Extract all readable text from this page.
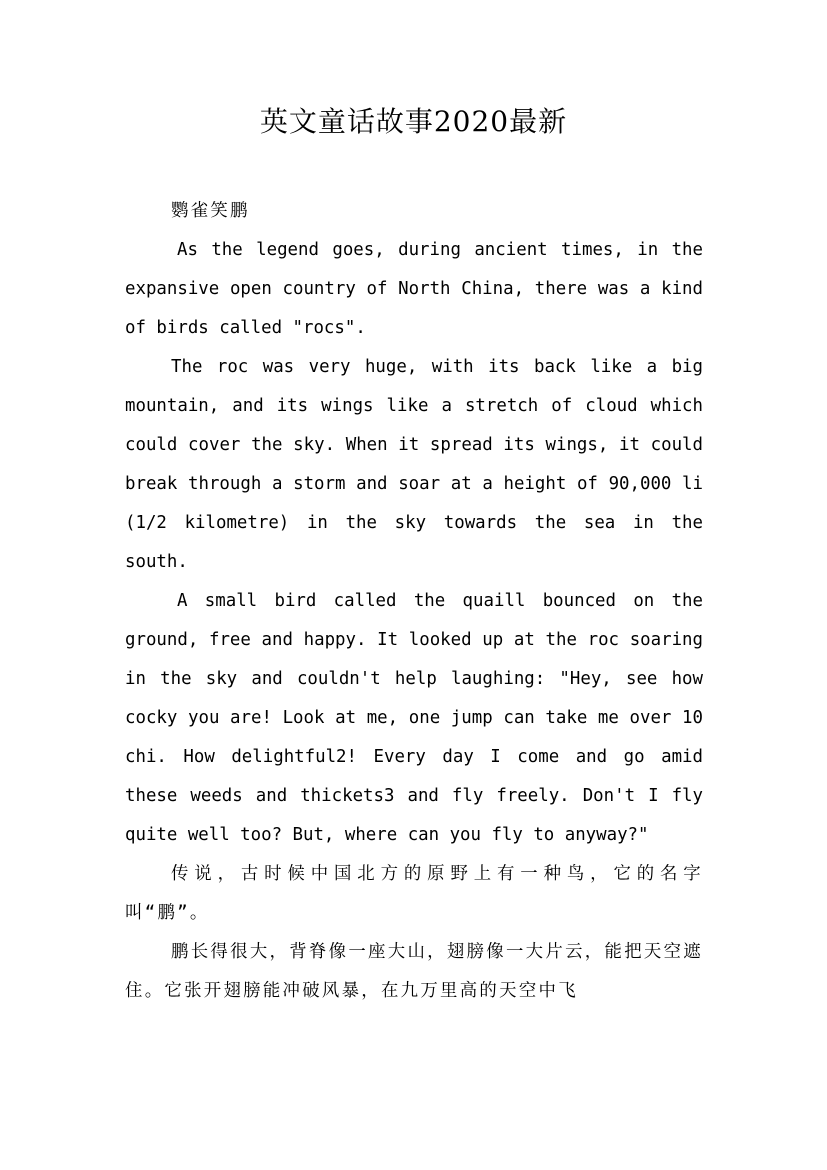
英文童话故事2020最新

鹦雀笑鹏

As the legend goes, during ancient times, in the expansive open country of North China, there was a kind of birds called "rocs".

The roc was very huge, with its back like a big mountain, and its wings like a stretch of cloud which could cover the sky. When it spread its wings, it could break through a storm and soar at a height of 90,000 li (1/2 kilometre) in the sky towards the sea in the south.

A small bird called the quaill bounced on the ground, free and happy. It looked up at the roc soaring in the sky and couldn't help laughing: "Hey, see how cocky you are! Look at me, one jump can take me over 10 chi. How delightful2! Every day I come and go amid these weeds and thickets3 and fly freely. Don't I fly quite well too? But, where can you fly to anyway?"

传说，古时候中国北方的原野上有一种鸟，它的名字叫“鹏”。

鹏长得很大，背脊像一座大山，翅膀像一大片云，能把天空遮住。它张开翅膀能冲破风暴，在九万里高的天空中飞
